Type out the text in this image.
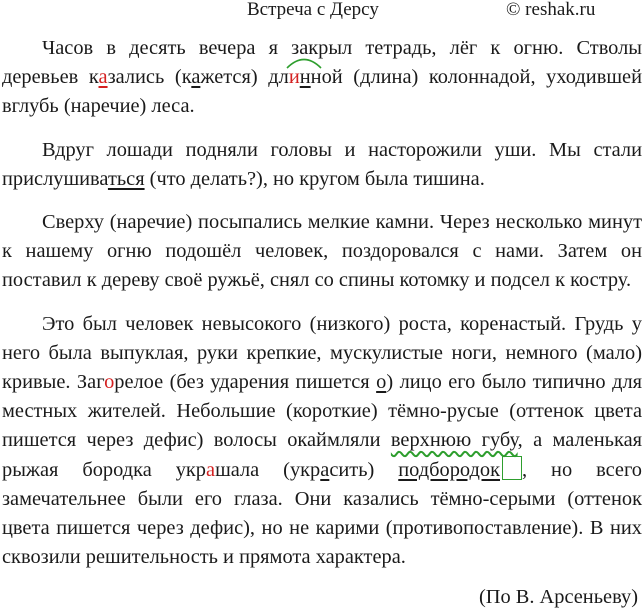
Встреча с Дерсу	© reshak.ru

Часов в десять вечера я закрыл тетрадь, лёг к огню. Стволы деревьев казались (кажется) длинной (длина) колоннадой, уходившей вглубь (наречие) леса.

Вдруг лошади подняли головы и насторожили уши. Мы стали прислушиваться (что делать?), но кругом была тишина.

Сверху (наречие) посыпались мелкие камни. Через несколько минут к нашему огню подошёл человек, поздоровался с нами. Затем он поставил к дереву своё ружьё, снял со спины котомку и подсел к костру.

Это был человек невысокого (низкого) роста, коренастый. Грудь у него была выпуклая, руки крепкие, мускулистые ноги, немного (мало) кривые. Загорелое (без ударения пишется о) лицо его было типично для местных жителей. Небольшие (короткие) тёмно-русые (оттенок цвета пишется через дефис) волосы окаймляли верхнюю губу, а маленькая рыжая бородка украшала (украсить) подбородок , но всего замечательнее были его глаза. Они казались тёмно-серыми (оттенок цвета пишется через дефис), но не карими (противопоставление). В них сквозили решительность и прямота характера.

(По В. Арсеньеву)
